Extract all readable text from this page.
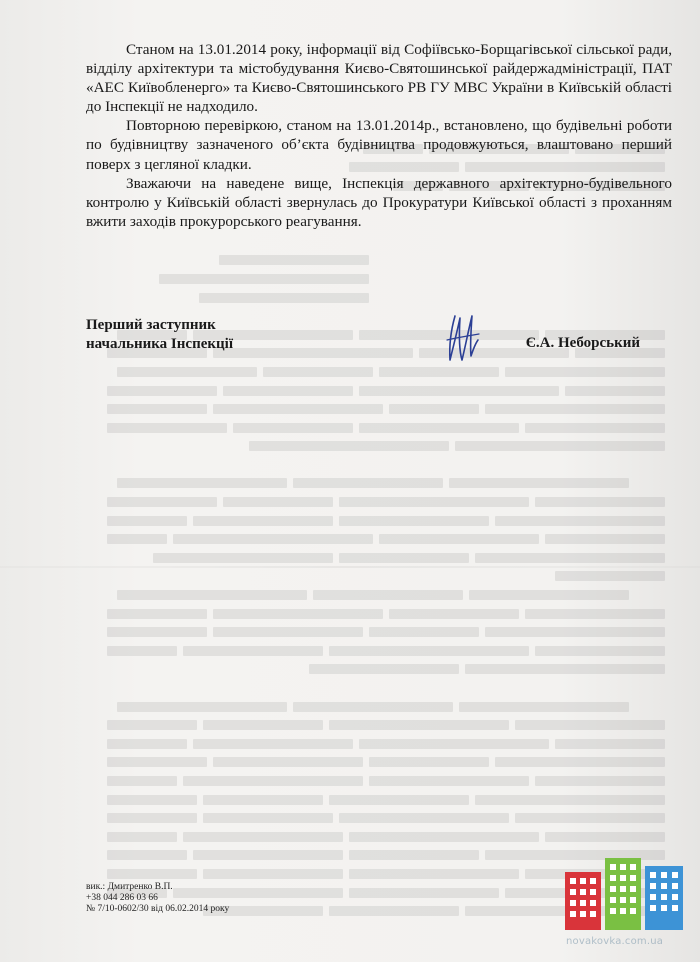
Станом на 13.01.2014 року, інформації від Софіївсько-Борщагівської сільської ради, відділу архітектури та містобудування Києво-Святошинської райдержадміністрації, ПАТ «АЕС Київобленерго» та Києво-Святошинського РВ ГУ МВС України в Київській області до Інспекції не надходило.

Повторною перевіркою, станом на 13.01.2014р., встановлено, що будівельні роботи по будівництву зазначеного об’єкта будівництва продовжуються, влаштовано перший поверх з цегляної кладки.

Зважаючи на наведене вище, Інспекція державного архітектурно-будівельного контролю у Київській області звернулась до Прокуратури Київської області з проханням вжити заходів прокурорського реагування.

Перший заступник
начальника Інспекції	Є.А. Неборський
вик.: Дмитренко В.П.
+38 044 286 03 66
№ 7/10-0602/30 від 06.02.2014 року
novakovka.com.ua
